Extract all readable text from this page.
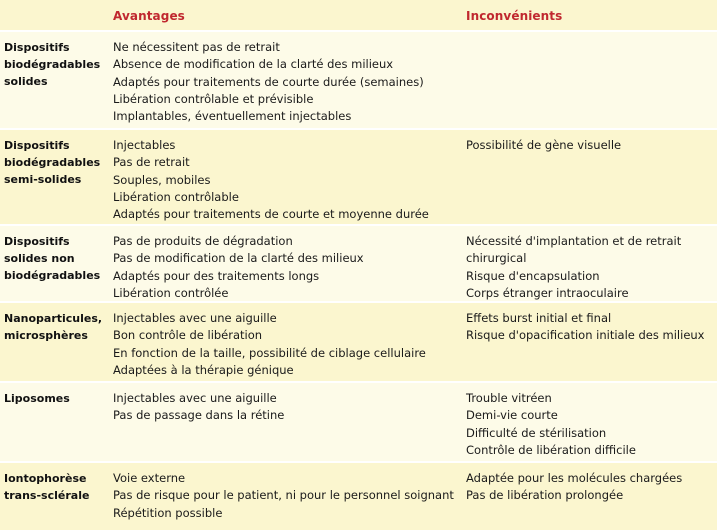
Avantages	Inconvénients
Dispositifs biodégradables solides
Ne nécessitent pas de retrait
Absence de modification de la clarté des milieux
Adaptés pour traitements de courte durée (semaines)
Libération contrôlable et prévisible
Implantables, éventuellement injectables
Dispositifs biodégradables semi-solides
Injectables
Pas de retrait
Souples, mobiles
Libération contrôlable
Adaptés pour traitements de courte et moyenne durée
Possibilité de gène visuelle
Dispositifs solides non biodégradables
Pas de produits de dégradation
Pas de modification de la clarté des milieux
Adaptés pour des traitements longs
Libération contrôlée
Nécessité d'implantation et de retrait
chirurgical
Risque d'encapsulation
Corps étranger intraoculaire
Nanoparticules, microsphères
Injectables avec une aiguille
Bon contrôle de libération
En fonction de la taille, possibilité de ciblage cellulaire
Adaptées à la thérapie génique
Effets burst initial et final
Risque d'opacification initiale des milieux
Liposomes	Injectables avec une aiguille
Pas de passage dans la rétine
Trouble vitréen
Demi-vie courte
Difficulté de stérilisation
Contrôle de libération difficile
Iontophorèse trans-sclérale
Voie externe
Pas de risque pour le patient, ni pour le personnel soignant
Répétition possible
Adaptée pour les molécules chargées
Pas de libération prolongée
